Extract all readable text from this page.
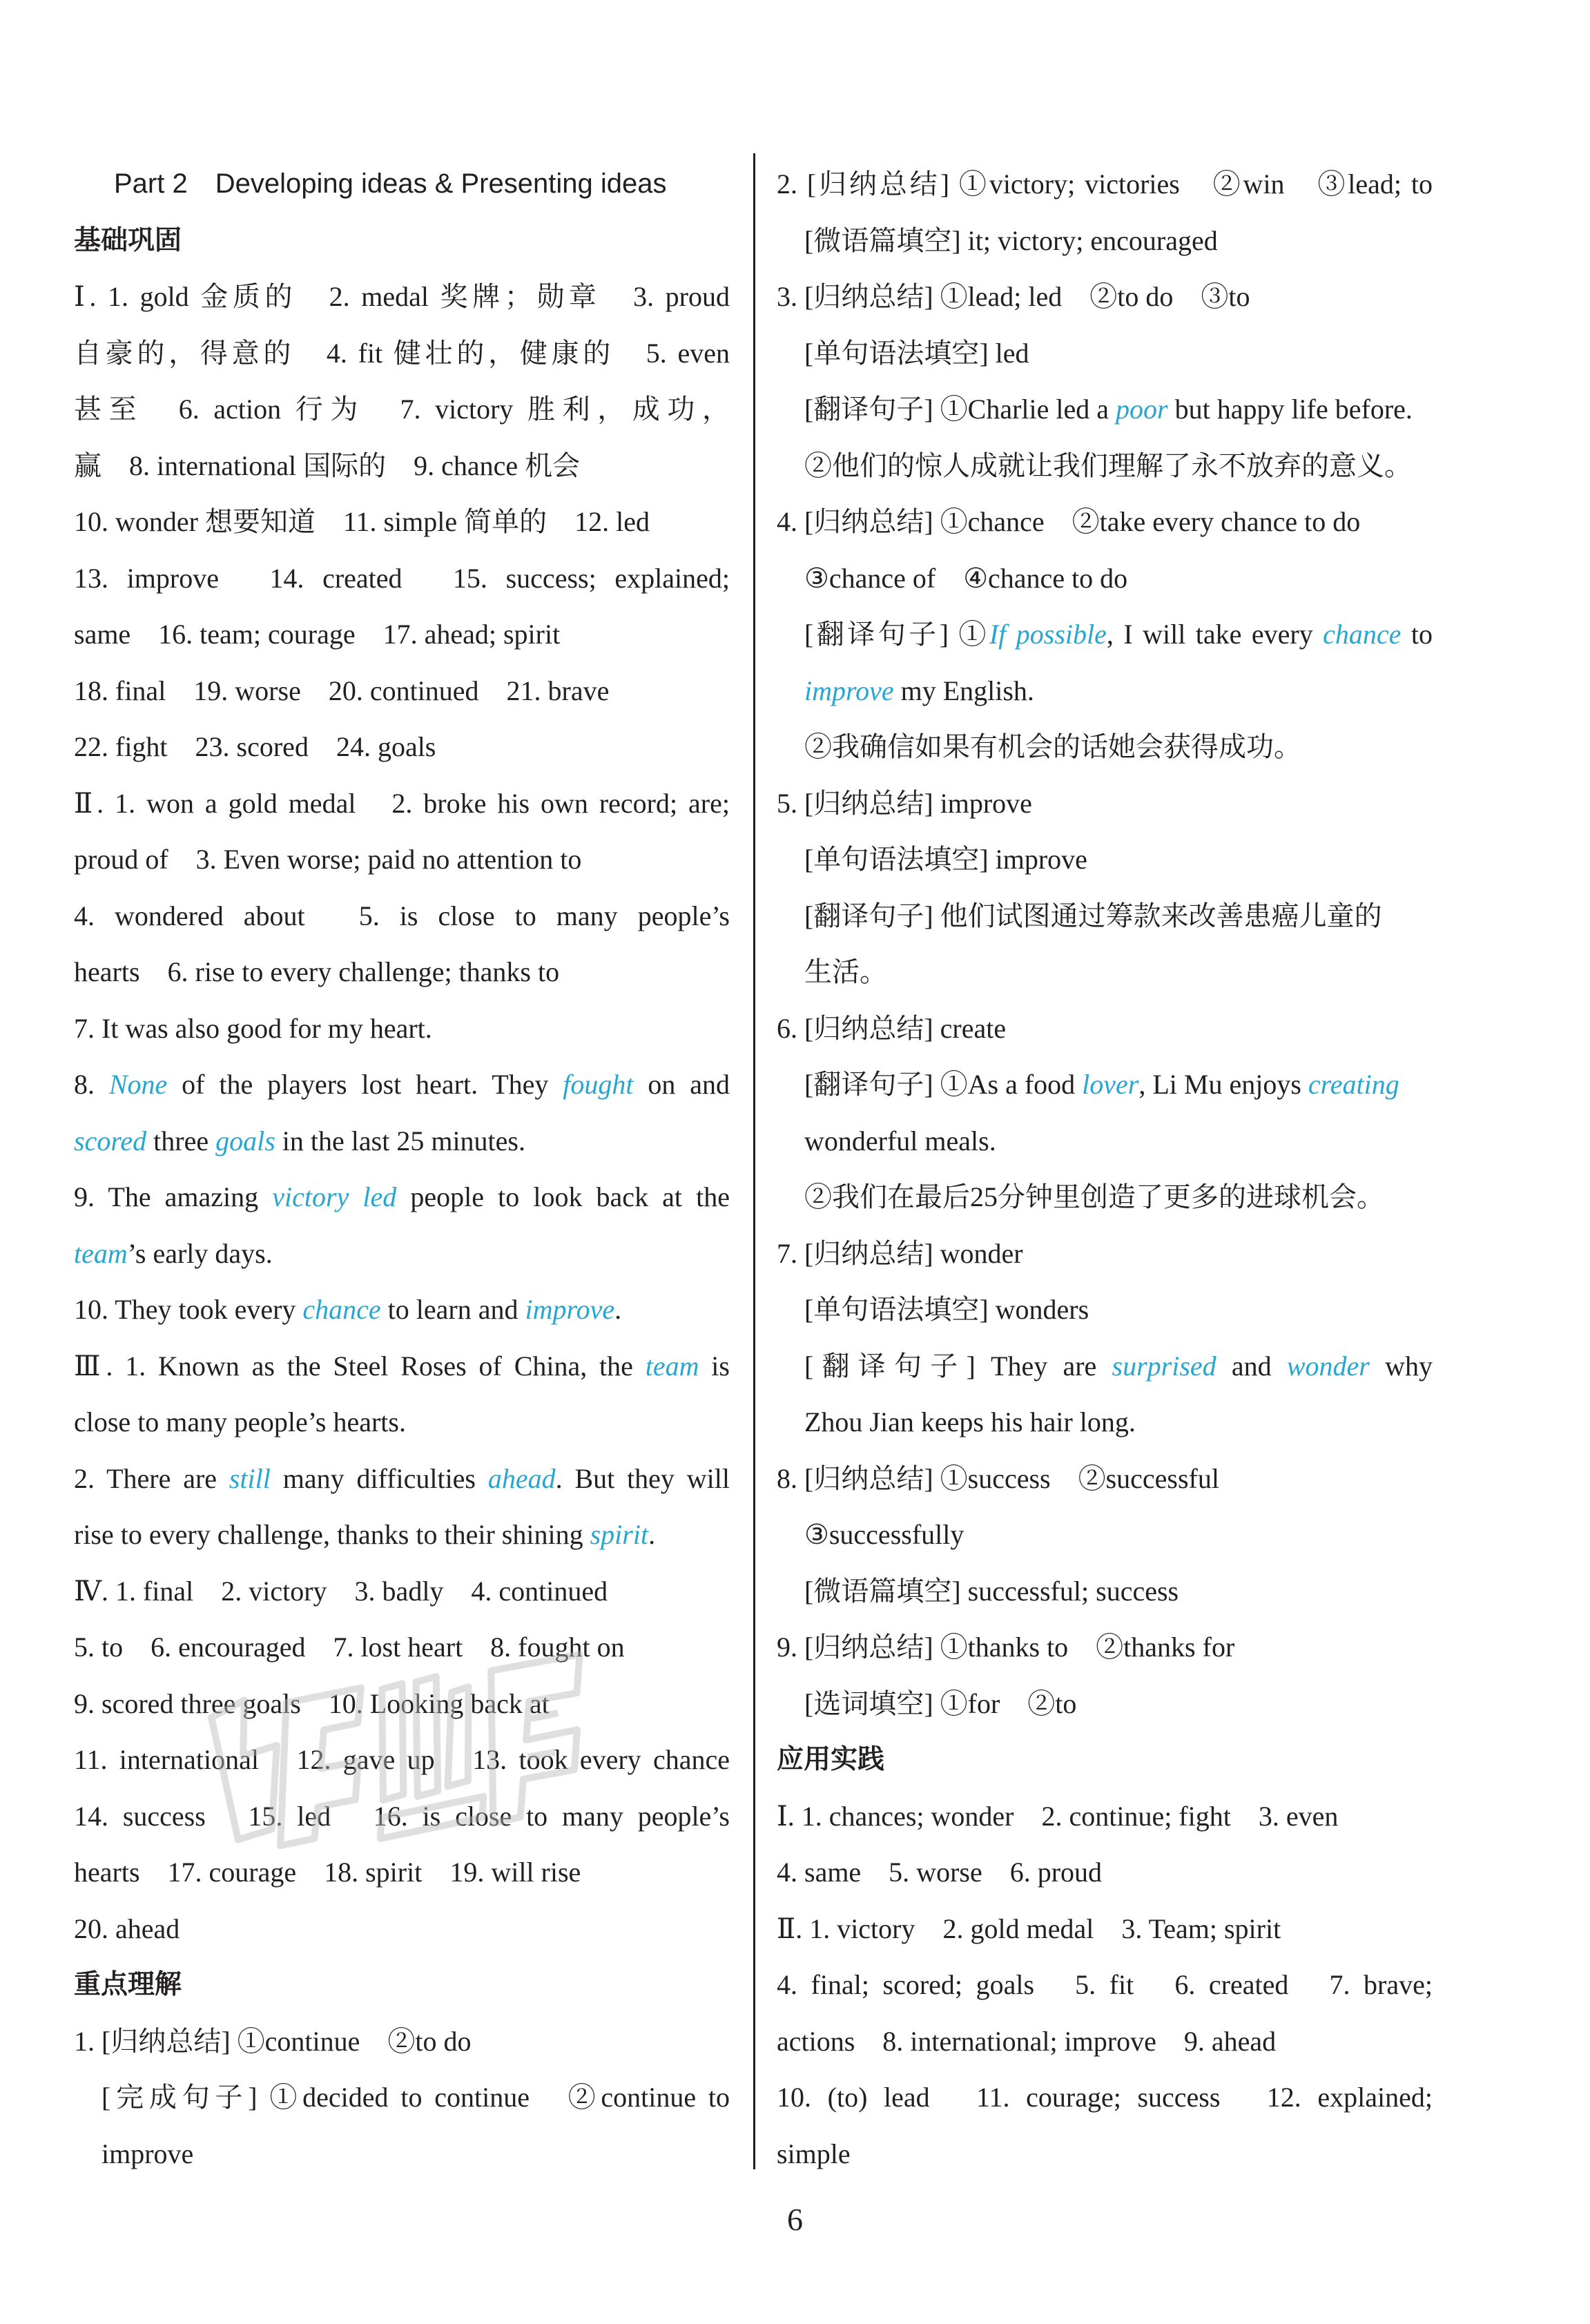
Part 2　Developing ideas & Presenting ideas
基础巩固
Ⅰ. 1. gold 金质的　2. medal 奖牌；勋章　3. proud
自豪的，得意的　4. fit 健壮的，健康的　5. even
甚至　6. action 行为　7. victory 胜利，成功，
赢　8. international 国际的　9. chance 机会
10. wonder 想要知道　11. simple 简单的　12. led
13. improve　14. created　15. success; explained;
same　16. team; courage　17. ahead; spirit
18. final　19. worse　20. continued　21. brave
22. fight　23. scored　24. goals
Ⅱ. 1. won a gold medal　2. broke his own record; are;
proud of　3. Even worse; paid no attention to
4. wondered about　5. is close to many people’s
hearts　6. rise to every challenge; thanks to
7. It was also good for my heart.
8. None of the players lost heart. They fought on and
scored three goals in the last 25 minutes.
9. The amazing victory led people to look back at the
team’s early days.
10. They took every chance to learn and improve.
Ⅲ. 1. Known as the Steel Roses of China, the team is
close to many people’s hearts.
2. There are still many difficulties ahead. But they will
rise to every challenge, thanks to their shining spirit.
Ⅳ. 1. final　2. victory　3. badly　4. continued
5. to　6. encouraged　7. lost heart　8. fought on
9. scored three goals　10. Looking back at
11. international　12. gave up　13. took every chance
14. success　15. led　16. is close to many people’s
hearts　17. courage　18. spirit　19. will rise
20. ahead
重点理解
1. [归纳总结] ①continue　②to do
[完成句子] ①decided to continue　②continue to
improve
2. [归纳总结] ①victory; victories　②win　③lead; to
[微语篇填空] it; victory; encouraged
3. [归纳总结] ①lead; led　②to do　③to
[单句语法填空] led
[翻译句子] ①Charlie led a poor but happy life before.
②他们的惊人成就让我们理解了永不放弃的意义。
4. [归纳总结] ①chance　②take every chance to do
③chance of　④chance to do
[翻译句子] ①If possible, I will take every chance to
improve my English.
②我确信如果有机会的话她会获得成功。
5. [归纳总结] improve
[单句语法填空] improve
[翻译句子] 他们试图通过筹款来改善患癌儿童的
生活。
6. [归纳总结] create
[翻译句子] ①As a food lover, Li Mu enjoys creating
wonderful meals.
②我们在最后25分钟里创造了更多的进球机会。
7. [归纳总结] wonder
[单句语法填空] wonders
[翻译句子] They are surprised and wonder why
Zhou Jian keeps his hair long.
8. [归纳总结] ①success　②successful
③successfully
[微语篇填空] successful; success
9. [归纳总结] ①thanks to　②thanks for
[选词填空] ①for　②to
应用实践
Ⅰ. 1. chances; wonder　2. continue; fight　3. even
4. same　5. worse　6. proud
Ⅱ. 1. victory　2. gold medal　3. Team; spirit
4. final; scored; goals　5. fit　6. created　7. brave;
actions　8. international; improve　9. ahead
10. (to) lead　11. courage; success　12. explained;
simple
6
